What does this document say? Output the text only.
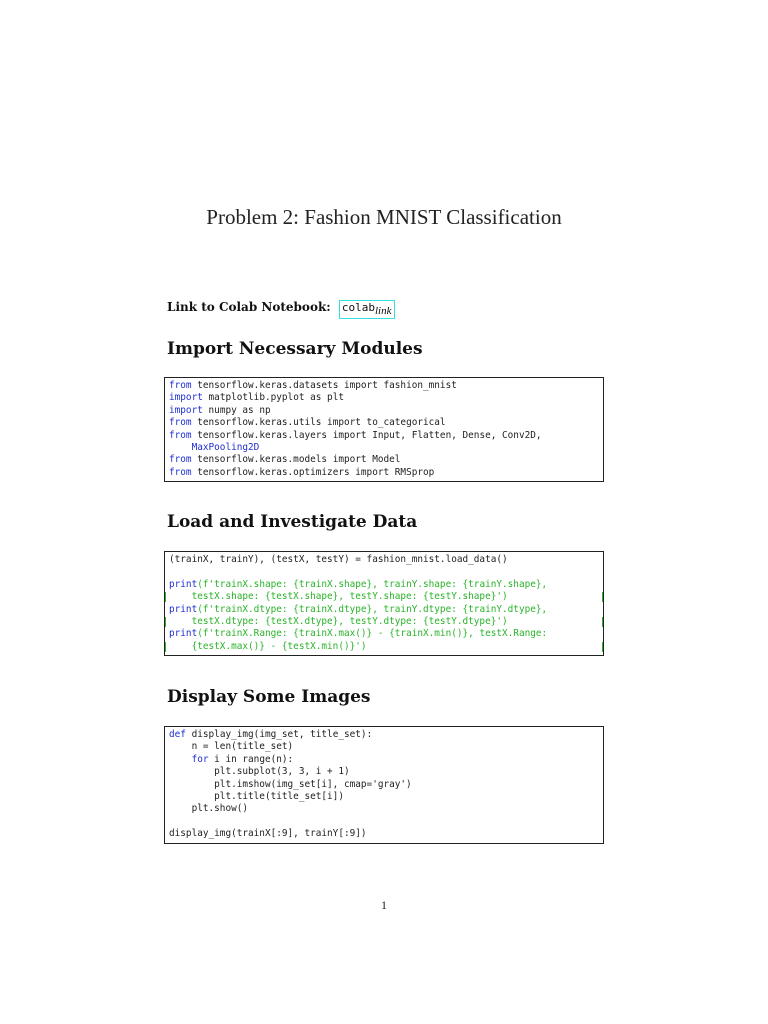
Problem 2: Fashion MNIST Classification
Link to Colab Notebook: colab$_{link}$
Import Necessary Modules
from tensorflow.keras.datasets import fashion_mnist
import matplotlib.pyplot as plt
import numpy as np
from tensorflow.keras.utils import to_categorical
from tensorflow.keras.layers import Input, Flatten, Dense, Conv2D,
MaxPooling2D
from tensorflow.keras.models import Model
from tensorflow.keras.optimizers import RMSprop
Load and Investigate Data
(trainX, trainY), (testX, testY) = fashion_mnist.load_data()
print(f'trainX.shape: {trainX.shape}, trainY.shape: {trainY.shape},
testX.shape: {testX.shape}, testY.shape: {testY.shape}')
print(f'trainX.dtype: {trainX.dtype}, trainY.dtype: {trainY.dtype},
testX.dtype: {testX.dtype}, testY.dtype: {testY.dtype}')
print(f'trainX.Range: {trainX.max()} - {trainX.min()}, testX.Range:
{testX.max()} - {testX.min()}')
Display Some Images
def display_img(img_set, title_set):
n = len(title_set)
for i in range(n):
plt.subplot(3, 3, i + 1)
plt.imshow(img_set[i], cmap='gray')
plt.title(title_set[i])
plt.show()
display_img(trainX[:9], trainY[:9])
1
